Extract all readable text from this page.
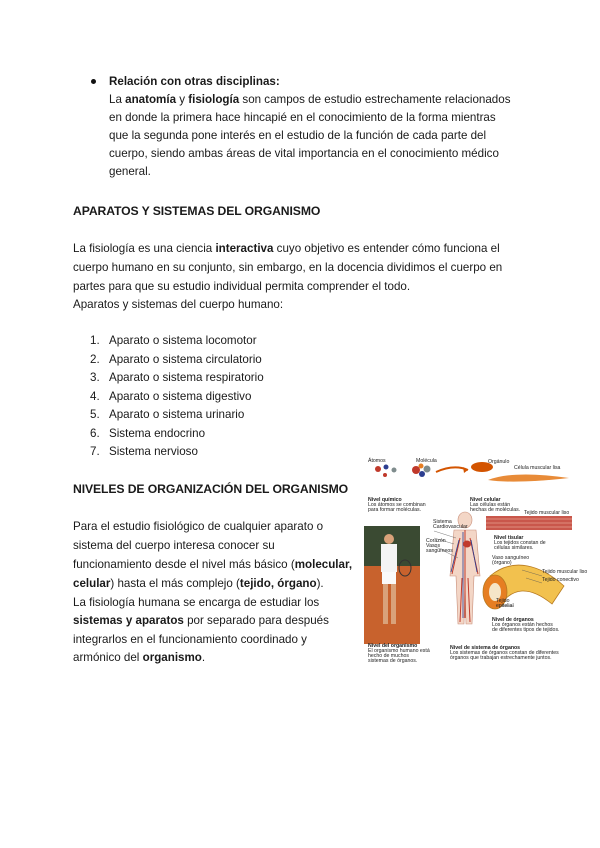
Relación con otras disciplinas:
La anatomía y fisiología son campos de estudio estrechamente relacionados
en donde la primera hace hincapié en el conocimiento de la forma mientras
que la segunda pone interés en el estudio de la función de cada parte del
cuerpo, siendo ambas áreas de vital importancia en el conocimiento médico
general.
APARATOS Y SISTEMAS DEL ORGANISMO
La fisiología es una ciencia interactiva cuyo objetivo es entender cómo funciona el
cuerpo humano en su conjunto, sin embargo, en la docencia dividimos el cuerpo en
partes para que su estudio individual permita comprender el todo.
Aparatos y sistemas del cuerpo humano:
1. Aparato o sistema locomotor
2. Aparato o sistema circulatorio
3. Aparato o sistema respiratorio
4. Aparato o sistema digestivo
5. Aparato o sistema urinario
6. Sistema endocrino
7. Sistema nervioso
NIVELES DE ORGANIZACIÓN DEL ORGANISMO
Para el estudio fisiológico de cualquier aparato o
sistema del cuerpo interesa conocer su
funcionamiento desde el nivel más básico (molecular,
celular) hasta el más complejo (tejido, órgano).
La fisiología humana se encarga de estudiar los
sistemas y aparatos por separado para después
integrarlos en el funcionamiento coordinado y
armónico del organismo.
Átomos	Molécula	Orgánulo
Célula muscular lisa
Nivel químico
Los átomos se combinan
para formar moléculas.
Nivel celular
Las células están
hechas de moléculas. Tejido muscular liso
Sistema
Cardiovascular
Corazón
Vasos
sanguíneos
Nivel tisular
Los tejidos constan de
células similares.
Vaso sanguíneo
(órgano)
Tejido muscular liso
Tejido conectivo
Tejido
epitelial
Nivel de órganos
Los órganos están hechos
de diferentes tipos de tejidos.
Nivel del organismo
El organismo humano está
hecho de muchos
sistemas de órganos.
Nivel de sistema de órganos
Los sistemas de órganos constan de diferentes
órganos que trabajan estrechamente juntos.
